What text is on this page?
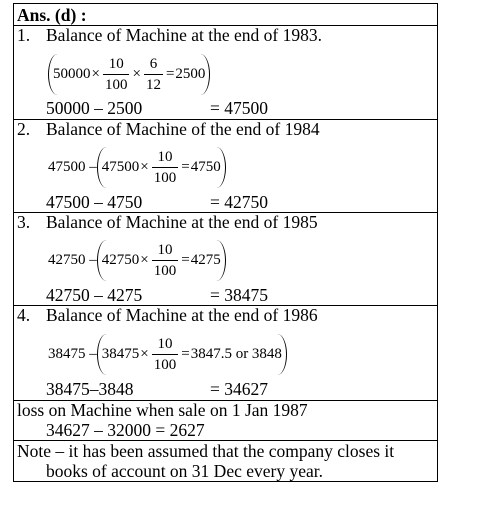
Ans. (d) :
1. Balance of Machine at the end of 1983.
$50000 \times \frac{10}{100} \times \frac{6}{12} = 2500$
50000 – 2500	= 47500
2. Balance of Machine of the end of 1984
$47500 - 47500 \times \frac{10}{100} = 4750$
47500 – 4750	= 42750
3. Balance of Machine at the end of 1985
$42750 - 42750 \times \frac{10}{100} = 4275$
42750 – 4275	= 38475
4. Balance of Machine at the end of 1986
$38475 - 38475 \times \frac{10}{100} = 3847.5$ or 3848
38475–3848	= 34627
loss on Machine when sale on 1 Jan 1987
34627 – 32000 = 2627
Note – it has been assumed that the company closes it
books of account on 31 Dec every year.
